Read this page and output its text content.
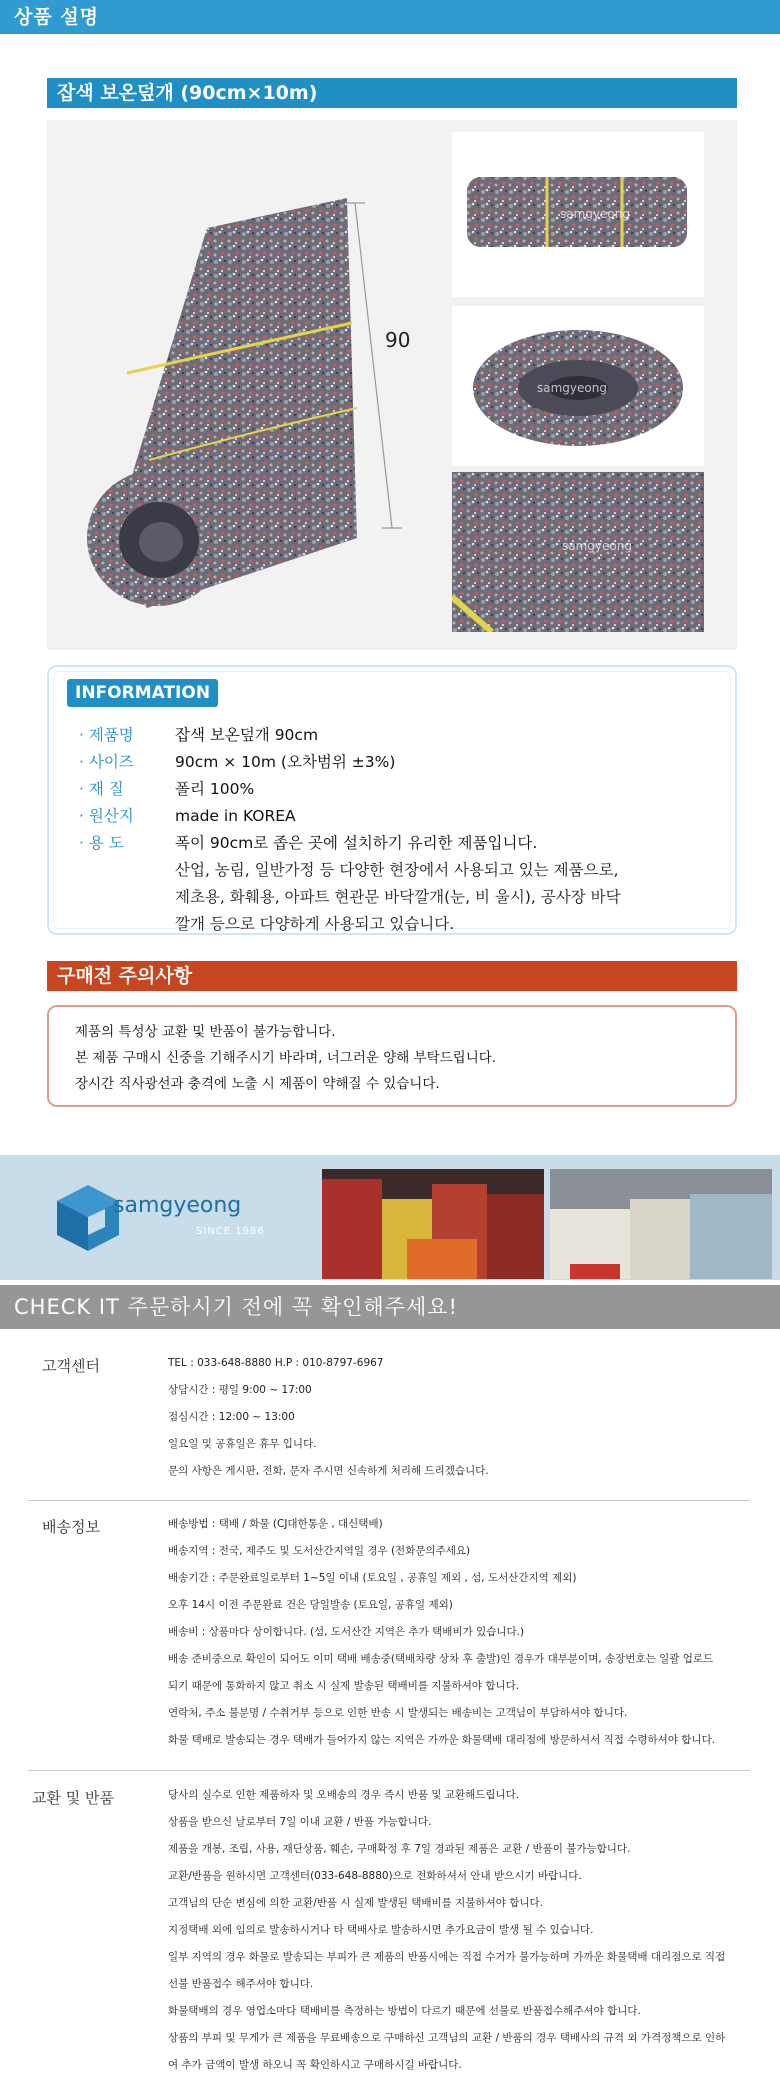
상품 설명
잡색 보온덮개 (90cm×10m)
90
samgyeong
samgyeong
samgyeong
INFORMATION
· 제품명	잡색 보온덮개 90cm
· 사이즈	90cm × 10m (오차범위 ±3%)
· 재 질	폴리 100%
· 원산지	made in KOREA
· 용 도	폭이 90cm로 좁은 곳에 설치하기 유리한 제품입니다.
산업, 농림, 일반가정 등 다양한 현장에서 사용되고 있는 제품으로,
제초용, 화훼용, 아파트 현관문 바닥깔개(눈, 비 울시), 공사장 바닥
깔개 등으로 다양하게 사용되고 있습니다.
구매전 주의사항
제품의 특성상 교환 및 반품이 불가능합니다.
본 제품 구매시 신중을 기해주시기 바라며, 너그러운 양해 부탁드립니다.
장시간 직사광선과 충격에 노출 시 제품이 약해질 수 있습니다.
samgyeong
SINCE 1986
CHECK IT 주문하시기 전에 꼭 확인해주세요!
고객센터	TEL : 033-648-8880 H.P : 010-8797-6967
상담시간 : 평일 9:00 ~ 17:00
점심시간 : 12:00 ~ 13:00
일요일 및 공휴일은 휴무 입니다.
문의 사항은 게시판, 전화, 문자 주시면 신속하게 처리해 드리겠습니다.
배송정보	배송방법 : 택배 / 화물 (CJ대한통운 , 대신택배)
배송지역 : 전국, 제주도 및 도서산간지역일 경우 (전화문의주세요)
배송기간 : 주문완료일로부터 1~5일 이내 (토요일 , 공휴일 제외 , 섬, 도서산간지역 제외)
오후 14시 이전 주문완료 건은 당일발송 (토요일, 공휴일 제외)
배송비 : 상품마다 상이합니다. (섬, 도서산간 지역은 추가 택배비가 있습니다.)
배송 준비중으로 확인이 되어도 이미 택배 배송중(택배차량 상차 후 출발)인 경우가 대부분이며, 송장번호는 일괄 업로드
되기 때문에 통화하지 않고 취소 시 실제 발송된 택배비를 지불하셔야 합니다.
연락처, 주소 불분명 / 수취거부 등으로 인한 반송 시 발생되는 배송비는 고객님이 부담하셔야 합니다.
화물 택배로 발송되는 경우 택배가 들어가지 않는 지역은 가까운 화물택배 대리점에 방문하셔서 직접 수령하셔야 합니다.
교환 및 반품	당사의 실수로 인한 제품하자 및 오배송의 경우 즉시 반품 및 교환해드립니다.
상품을 받으신 날로부터 7일 이내 교환 / 반품 가능합니다.
제품을 개봉, 조립, 사용, 재단상품, 훼손, 구매확정 후 7일 경과된 제품은 교환 / 반품이 불가능합니다.
교환/반품을 원하시면 고객센터(033-648-8880)으로 전화하셔서 안내 받으시기 바랍니다.
고객님의 단순 변심에 의한 교환/반품 시 실제 발생된 택배비를 지불하셔야 합니다.
지정택배 외에 임의로 발송하시거나 타 택배사로 발송하시면 추가요금이 발생 될 수 있습니다.
일부 지역의 경우 화물로 발송되는 부피가 큰 제품의 반품시에는 직접 수거가 불가능하며 가까운 화물택배 대리점으로 직접
선불 반품접수 해주셔야 합니다.
화물택배의 경우 영업소마다 택배비를 측정하는 방법이 다르기 때문에 선불로 반품접수해주셔야 합니다.
상품의 부피 및 무게가 큰 제품을 무료배송으로 구매하신 고객님의 교환 / 반품의 경우 택배사의 규격 외 가격정책으로 인하
여 추가 금액이 발생 하오니 꼭 확인하시고 구매하시길 바랍니다.
